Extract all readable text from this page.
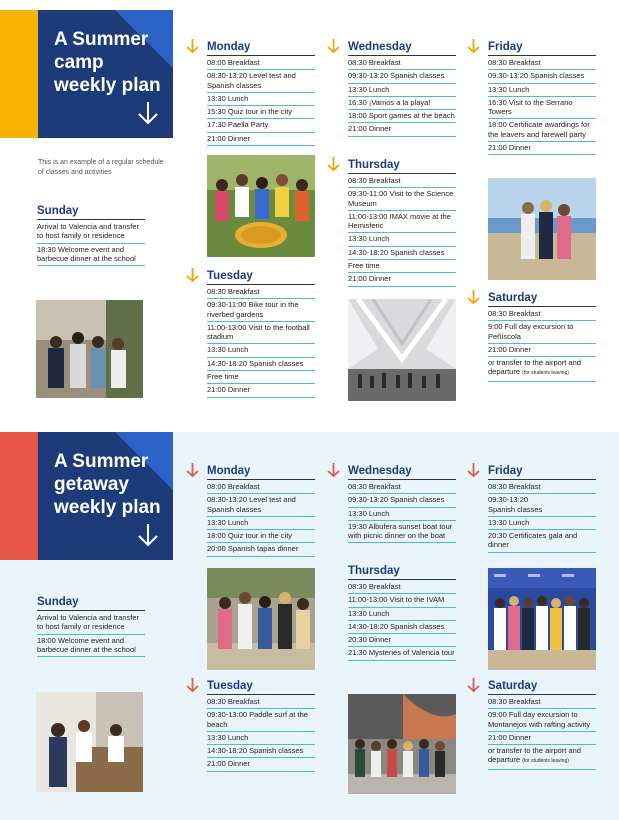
A Summer camp weekly plan
This is an example of a regular schedule of classes and activities
Sunday
Arrival to Valencia and transfer to host family or residence
18:30 Welcome event and barbecue dinner at the school
Monday
08:00 Breakfast
08:30-13:20 Level test and Spanish classes
13:30 Lunch
15:30 Quiz tour in the city
17:30 Paella Party
21:00 Dinner
Tuesday
08:30 Breakfast
09:30-11:00 Bike tour in the riverbed gardens
11:00-13:00 Visit to the football stadium
13:30 Lunch
14:30-18:20 Spanish classes
Free time
21:00 Dinner
Wednesday
08:30 Breakfast
09:30-13:20 Spanish classes
13:30 Lunch
16:30 ¡Vamos a la playa!
18:00 Sport games at the beach
21:00 Dinner
Thursday
08:30 Breakfast
09:30-11:00 Visit to the Science Museum
11:00-13:00 IMAX movie at the Hemisferic
13:30 Lunch
14:30-18:20 Spanish classes
Free time
21:00 Dinner
Friday
08:30 Breakfast
09:30-13:20 Spanish classes
13:30 Lunch
16:30 Visit to the Serrano Towers
18:00 Certificate awardings for the leavers and farewell party
21:00 Dinner
Saturday
08:30 Breakfast
9:00 Full day excursion to Peñíscola
21:00 Dinner
or transfer to the airport and departure (for students leaving)
A Summer getaway weekly plan
Sunday
Arrival to Valencia and transfer to host family or residence
18:00 Welcome event and barbecue dinner at the school
Monday
08:00 Breakfast
08:30-13:20 Level test and Spanish classes
13:30 Lunch
18:00 Quiz tour in the city
20:00 Spanish tapas dinner
Tuesday
08:30 Breakfast
09:30-13:00 Paddle surf at the beach
13:30 Lunch
14:30-18:20 Spanish classes
21:00 Dinner
Wednesday
08:30 Breakfast
09:30-13:20 Spanish classes
13:30 Lunch
19:30 Albufera sunset boat tour with picnic dinner on the boat
Thursday
08:30 Breakfast
11:00-13:00 Visit to the IVAM
13:30 Lunch
14:30-18:20 Spanish classes
20:30 Dinner
21:30 Mysteries of Valencia tour
Friday
08:30 Breakfast
09:30-13:20 Spanish classes
13:30 Lunch
20:30 Certificates gala and dinner
Saturday
08:30 Breakfast
09:00 Full day excursion to Montanejos with rafting activity
21:00 Dinner
or transfer to the airport and departure (for students leaving)
